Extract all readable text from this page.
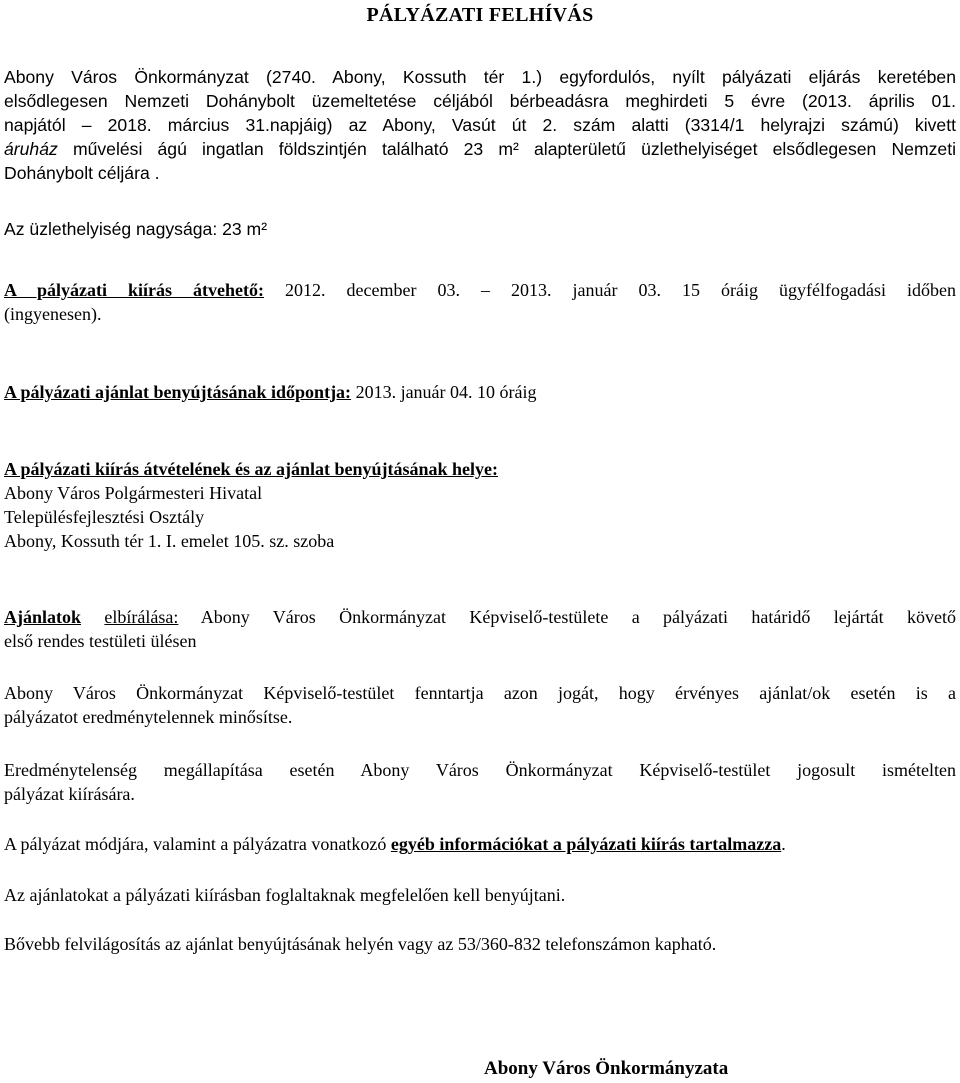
PÁLYÁZATI FELHÍVÁS
Abony Város Önkormányzat (2740. Abony, Kossuth tér 1.) egyfordulós, nyílt pályázati eljárás keretében
elsődlegesen Nemzeti Dohánybolt üzemeltetése céljából bérbeadásra meghirdeti 5 évre (2013. április 01.
napjától – 2018. március 31.napjáig) az Abony, Vasút út 2. szám alatti (3314/1 helyrajzi számú) kivett
áruház művelési ágú ingatlan földszintjén található 23 m² alapterületű üzlethelyiséget elsődlegesen Nemzeti
Dohánybolt céljára .
Az üzlethelyiség nagysága: 23 m²
A pályázati kiírás átvehető: 2012. december 03. – 2013. január 03. 15 óráig ügyfélfogadási időben
(ingyenesen).
A pályázati ajánlat benyújtásának időpontja: 2013. január 04. 10 óráig
A pályázati kiírás átvételének és az ajánlat benyújtásának helye:
Abony Város Polgármesteri Hivatal
Településfejlesztési Osztály
Abony, Kossuth tér 1. I. emelet 105. sz. szoba
Ajánlatok elbírálása: Abony Város Önkormányzat Képviselő-testülete a pályázati határidő lejártát követő
első rendes testületi ülésen
Abony Város Önkormányzat Képviselő-testület fenntartja azon jogát, hogy érvényes ajánlat/ok esetén is a
pályázatot eredménytelennek minősítse.
Eredménytelenség megállapítása esetén Abony Város Önkormányzat Képviselő-testület jogosult ismételten
pályázat kiírására.
A pályázat módjára, valamint a pályázatra vonatkozó egyéb információkat a pályázati kiírás tartalmazza.
Az ajánlatokat a pályázati kiírásban foglaltaknak megfelelően kell benyújtani.
Bővebb felvilágosítás az ajánlat benyújtásának helyén vagy az 53/360-832 telefonszámon kapható.
Abony Város Önkormányzata
